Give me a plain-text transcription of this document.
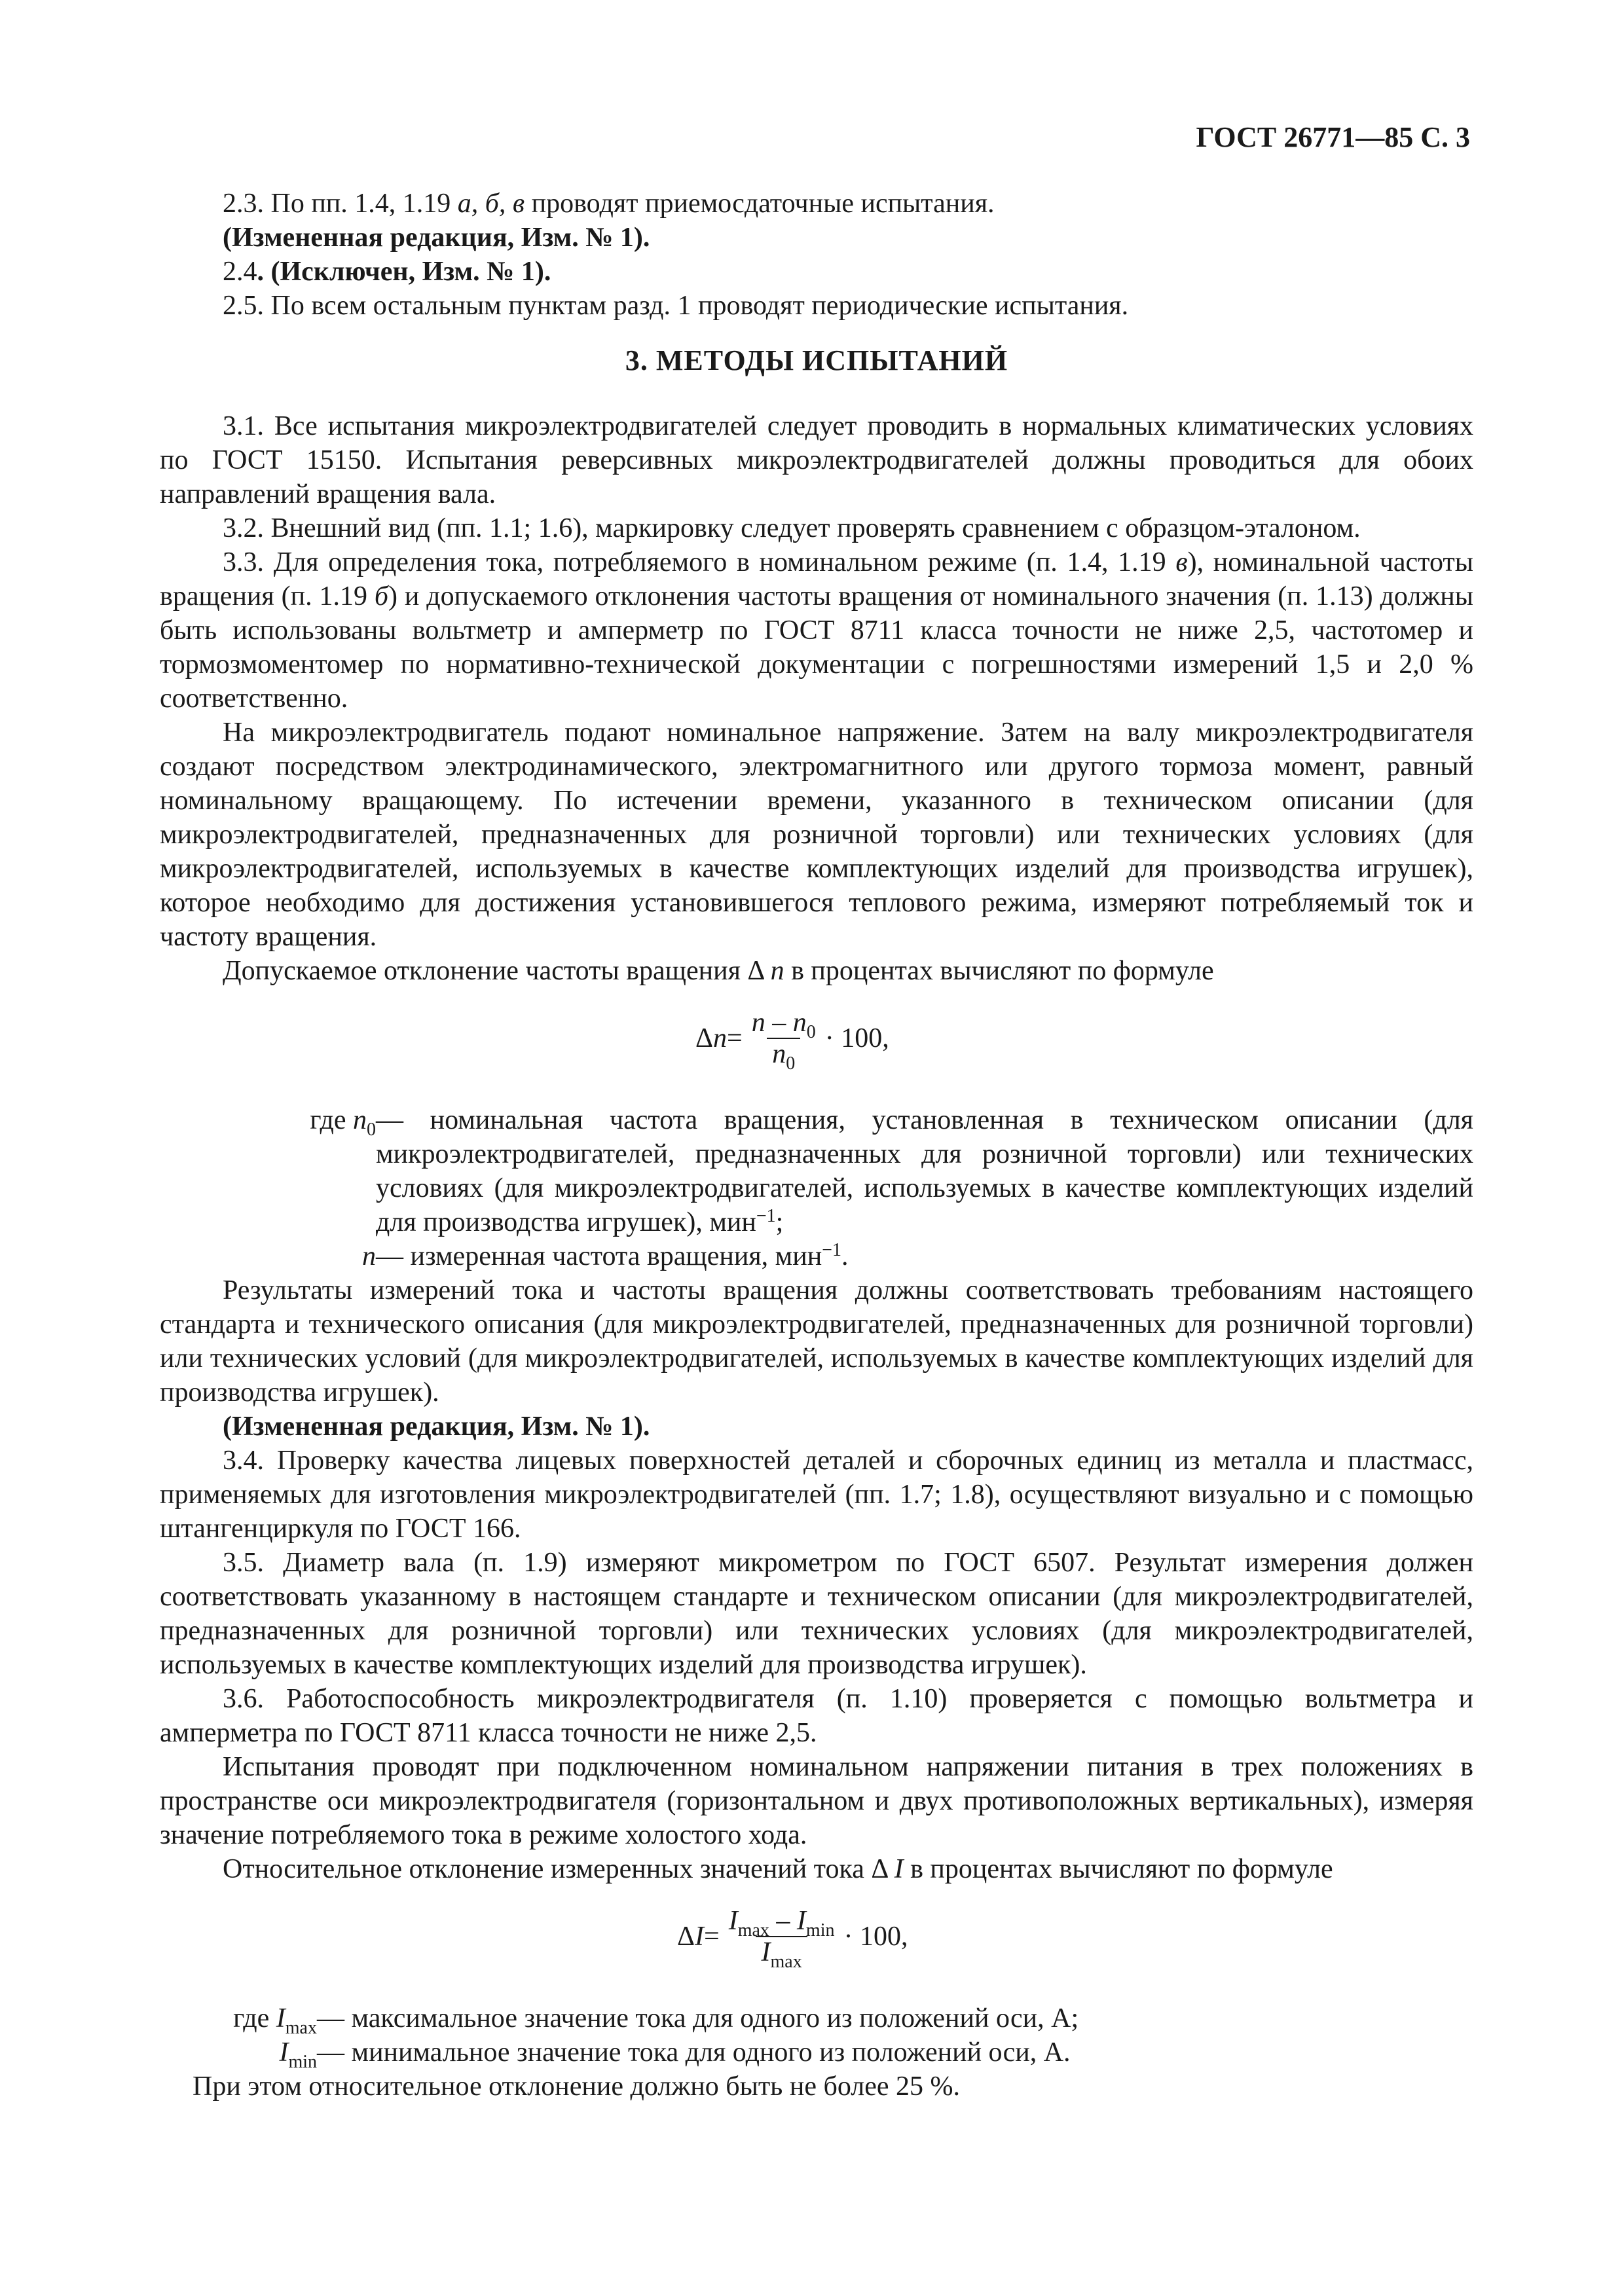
ГОСТ 26771—85 С. 3

2.3. По пп. 1.4, 1.19 а, б, в проводят приемосдаточные испытания.

(Измененная редакция, Изм. № 1).

2.4. (Исключен, Изм. № 1).

2.5. По всем остальным пунктам разд. 1 проводят периодические испытания.

3. МЕТОДЫ ИСПЫТАНИЙ

3.1. Все испытания микроэлектродвигателей следует проводить в нормальных климатических условиях по ГОСТ 15150. Испытания реверсивных микроэлектродвигателей должны проводиться для обоих направлений вращения вала.

3.2. Внешний вид (пп. 1.1; 1.6), маркировку следует проверять сравнением с образцом-эталоном.

3.3. Для определения тока, потребляемого в номинальном режиме (п. 1.4, 1.19 в), номинальной частоты вращения (п. 1.19 б) и допускаемого отклонения частоты вращения от номинального значения (п. 1.13) должны быть использованы вольтметр и амперметр по ГОСТ 8711 класса точности не ниже 2,5, частотомер и тормозмоментомер по нормативно-технической документации с погрешностями измерений 1,5 и 2,0 % соответственно.

На микроэлектродвигатель подают номинальное напряжение. Затем на валу микроэлектродвигателя создают посредством электродинамического, электромагнитного или другого тормоза момент, равный номинальному вращающему. По истечении времени, указанного в техническом описании (для микроэлектродвигателей, предназначенных для розничной торговли) или технических условиях (для микроэлектродвигателей, используемых в качестве комплектующих изделий для производства игрушек), которое необходимо для достижения установившегося теплового режима, измеряют потребляемый ток и частоту вращения.

Допускаемое отклонение частоты вращения Δ n в процентах вычисляют по формуле

Δ $n = \frac{n - n_0}{n_0} \cdot 100$,
где $n_0$ — номинальная частота вращения, установленная в техническом описании (для микроэлектродвигателей, предназначенных для розничной торговли) или технических условиях (для микроэлектродвигателей, используемых в качестве комплектующих изделий для производства игрушек), мин$^{-1}$;
n — измеренная частота вращения, мин$^{-1}$.

Результаты измерений тока и частоты вращения должны соответствовать требованиям настоящего стандарта и технического описания (для микроэлектродвигателей, предназначенных для розничной торговли) или технических условий (для микроэлектродвигателей, используемых в качестве комплектующих изделий для производства игрушек).

(Измененная редакция, Изм. № 1).

3.4. Проверку качества лицевых поверхностей деталей и сборочных единиц из металла и пластмасс, применяемых для изготовления микроэлектродвигателей (пп. 1.7; 1.8), осуществляют визуально и с помощью штангенциркуля по ГОСТ 166.

3.5. Диаметр вала (п. 1.9) измеряют микрометром по ГОСТ 6507. Результат измерения должен соответствовать указанному в настоящем стандарте и техническом описании (для микроэлектродвигателей, предназначенных для розничной торговли) или технических условиях (для микроэлектродвигателей, используемых в качестве комплектующих изделий для производства игрушек).

3.6. Работоспособность микроэлектродвигателя (п. 1.10) проверяется с помощью вольтметра и амперметра по ГОСТ 8711 класса точности не ниже 2,5.

Испытания проводят при подключенном номинальном напряжении питания в трех положениях в пространстве оси микроэлектродвигателя (горизонтальном и двух противоположных вертикальных), измеряя значение потребляемого тока в режиме холостого хода.

Относительное отклонение измеренных значений тока Δ I в процентах вычисляют по формуле

Δ $I = \frac{I_{max} - I_{min}}{I_{max}} \cdot 100$,
где $I_{max}$ — максимальное значение тока для одного из положений оси, А;
$I_{min}$ — минимальное значение тока для одного из положений оси, А.

При этом относительное отклонение должно быть не более 25 %.
